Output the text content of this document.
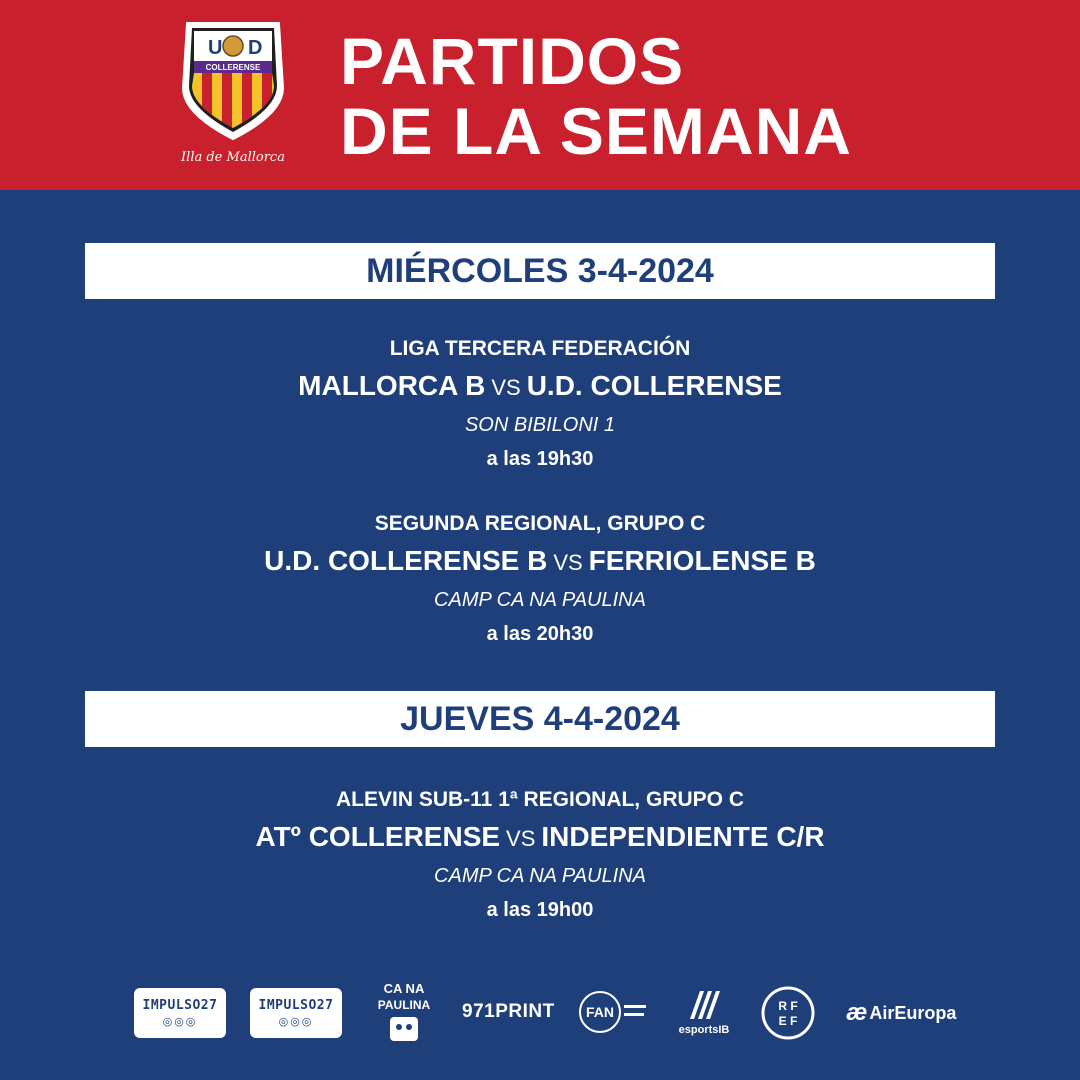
U D
COLLERENSE
Illa de Mallorca
PARTIDOS
DE LA SEMANA
MIÉRCOLES 3-4-2024
LIGA TERCERA FEDERACIÓN
MALLORCA B VS U.D. COLLERENSE
SON BIBILONI 1
a las 19h30
SEGUNDA REGIONAL, GRUPO C
U.D. COLLERENSE B VS FERRIOLENSE B
CAMP CA NA PAULINA
a las 20h30
JUEVES 4-4-2024
ALEVIN SUB-11 1ª REGIONAL, GRUPO C
ATº COLLERENSE VS INDEPENDIENTE C/R
CAMP CA NA PAULINA
a las 19h00
IMPULSO27
◎◎◎
IMPULSO27
◎◎◎
CA NA
PAULINA 971PRINT FAN
esportsIB
R F
E F æ AirEuropa
